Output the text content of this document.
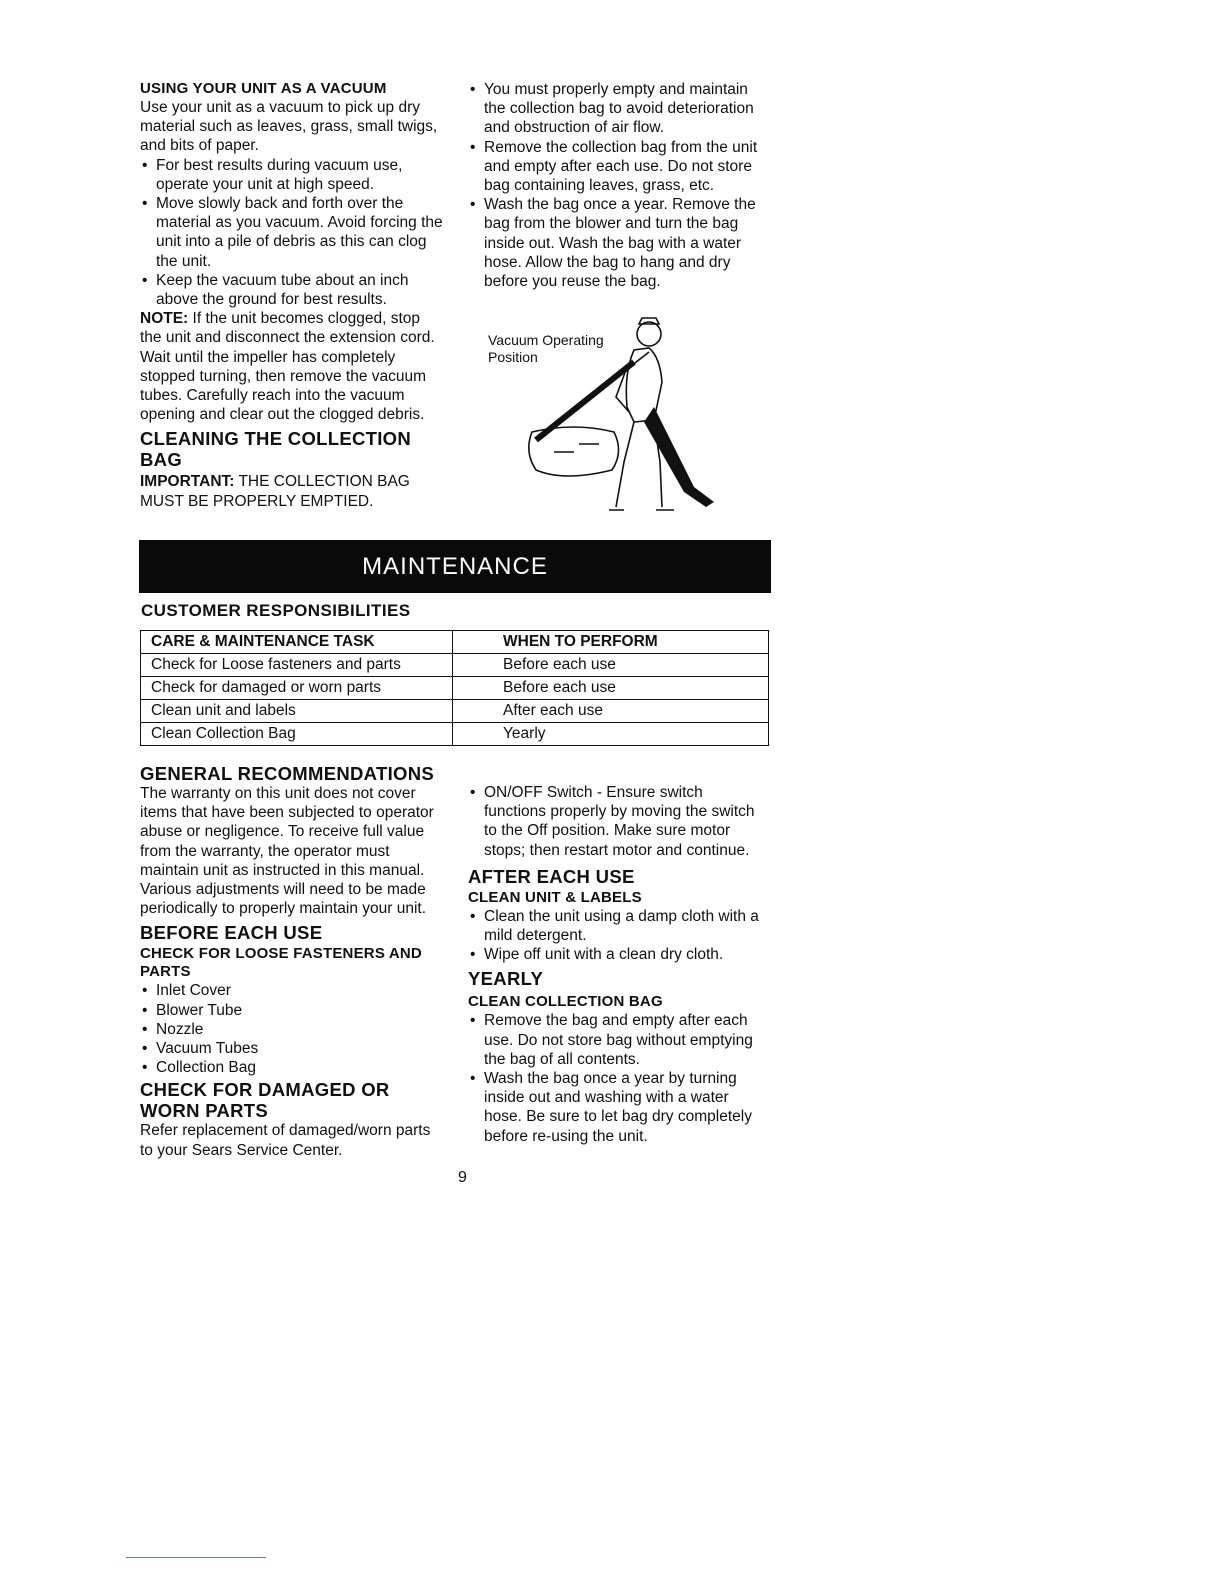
USING YOUR UNIT AS A VACUUM

Use your unit as a vacuum to pick up dry material such as leaves, grass, small twigs, and bits of paper.

• For best results during vacuum use, operate your unit at high speed.
• Move slowly back and forth over the material as you vacuum. Avoid forcing the unit into a pile of debris as this can clog the unit.
• Keep the vacuum tube about an inch above the ground for best results.

NOTE: If the unit becomes clogged, stop the unit and disconnect the extension cord. Wait until the impeller has completely stopped turning, then remove the vacuum tubes. Carefully reach into the vacuum opening and clear out the clogged debris.

CLEANING THE COLLECTION BAG

IMPORTANT: THE COLLECTION BAG MUST BE PROPERLY EMPTIED.

• You must properly empty and maintain the collection bag to avoid deterioration and obstruction of air flow.
• Remove the collection bag from the unit and empty after each use. Do not store bag containing leaves, grass, etc.
• Wash the bag once a year. Remove the bag from the blower and turn the bag inside out. Wash the bag with a water hose. Allow the bag to hang and dry before you reuse the bag.
Vacuum Operating
Position
MAINTENANCE
CUSTOMER RESPONSIBILITIES
CARE & MAINTENANCE TASK	WHEN TO PERFORM
Check for Loose fasteners and parts	Before each use
Check for damaged or worn parts	Before each use
Clean unit and labels	After each use
Clean Collection Bag	Yearly

GENERAL RECOMMENDATIONS

The warranty on this unit does not cover items that have been subjected to operator abuse or negligence. To receive full value from the warranty, the operator must maintain unit as instructed in this manual. Various adjustments will need to be made periodically to properly maintain your unit.

BEFORE EACH USE

CHECK FOR LOOSE FASTENERS AND PARTS

• Inlet Cover
• Blower Tube
• Nozzle
• Vacuum Tubes
• Collection Bag

CHECK FOR DAMAGED OR WORN PARTS

Refer replacement of damaged/worn parts to your Sears Service Center.

• ON/OFF Switch - Ensure switch functions properly by moving the switch to the Off position. Make sure motor stops; then restart motor and continue.

AFTER EACH USE

CLEAN UNIT & LABELS

• Clean the unit using a damp cloth with a mild detergent.
• Wipe off unit with a clean dry cloth.

YEARLY

CLEAN COLLECTION BAG

• Remove the bag and empty after each use. Do not store bag without emptying the bag of all contents.
• Wash the bag once a year by turning inside out and washing with a water hose. Be sure to let bag dry completely before re-using the unit.
9
